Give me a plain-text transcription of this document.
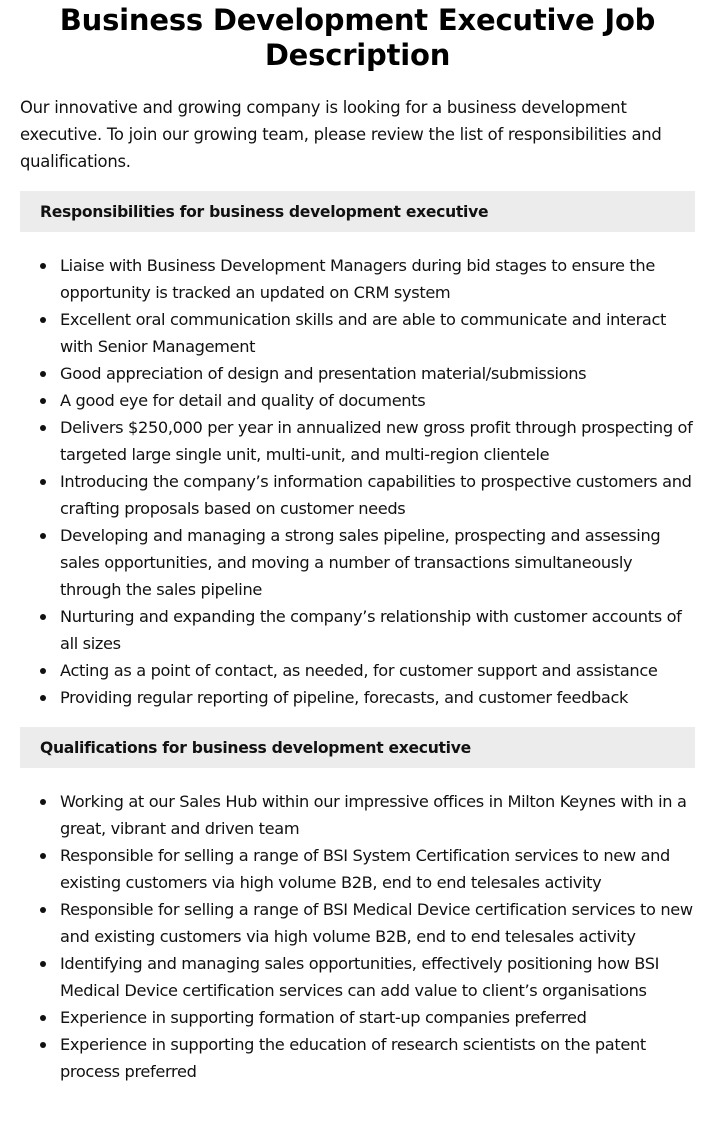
Business Development Executive Job Description

Our innovative and growing company is looking for a business development executive. To join our growing team, please review the list of responsibilities and qualifications.

Responsibilities for business development executive
Liaise with Business Development Managers during bid stages to ensure the opportunity is tracked an updated on CRM system
Excellent oral communication skills and are able to communicate and interact with Senior Management
Good appreciation of design and presentation material/submissions
A good eye for detail and quality of documents
Delivers $250,000 per year in annualized new gross profit through prospecting of targeted large single unit, multi-unit, and multi-region clientele
Introducing the company’s information capabilities to prospective customers and crafting proposals based on customer needs
Developing and managing a strong sales pipeline, prospecting and assessing sales opportunities, and moving a number of transactions simultaneously through the sales pipeline
Nurturing and expanding the company’s relationship with customer accounts of all sizes
Acting as a point of contact, as needed, for customer support and assistance
Providing regular reporting of pipeline, forecasts, and customer feedback
Qualifications for business development executive
Working at our Sales Hub within our impressive offices in Milton Keynes with in a great, vibrant and driven team
Responsible for selling a range of BSI System Certification services to new and existing customers via high volume B2B, end to end telesales activity
Responsible for selling a range of BSI Medical Device certification services to new and existing customers via high volume B2B, end to end telesales activity
Identifying and managing sales opportunities, effectively positioning how BSI Medical Device certification services can add value to client’s organisations
Experience in supporting formation of start-up companies preferred
Experience in supporting the education of research scientists on the patent process preferred
